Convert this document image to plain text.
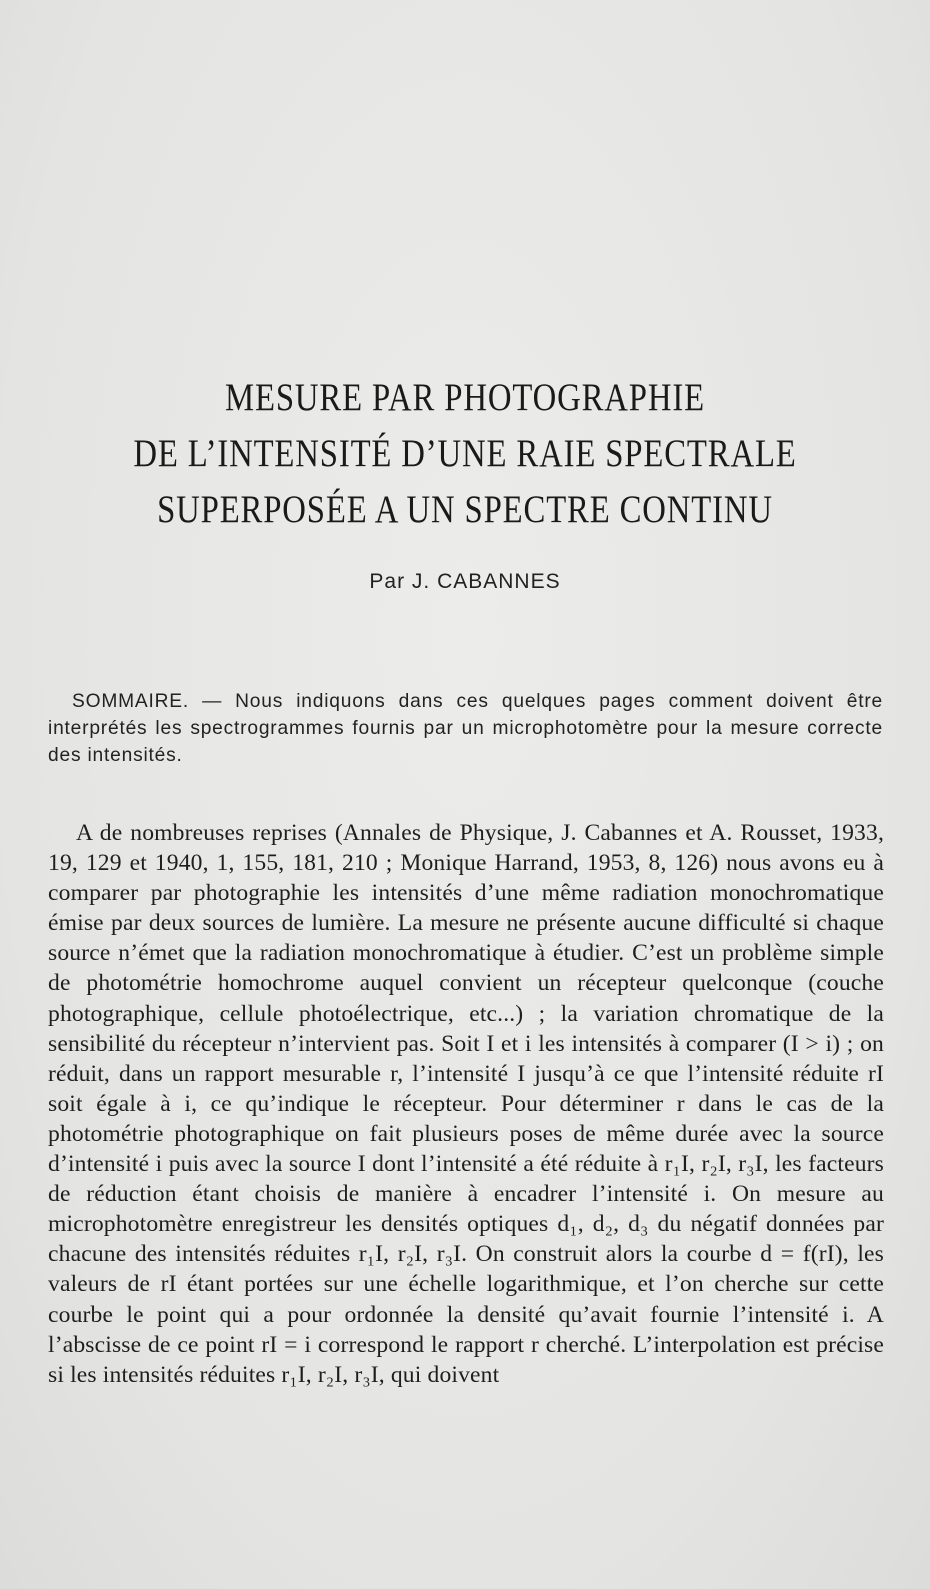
MESURE PAR PHOTOGRAPHIE
DE L’INTENSITÉ D’UNE RAIE SPECTRALE
SUPERPOSÉE A UN SPECTRE CONTINU
Par J. CABANNES

SOMMAIRE. — Nous indiquons dans ces quelques pages comment doivent être interprétés les spectrogrammes fournis par un microphotomètre pour la mesure correcte des intensités.

A de nombreuses reprises (Annales de Physique, J. Cabannes et A. Rousset, 1933, 19, 129 et 1940, 1, 155, 181, 210 ; Monique Harrand, 1953, 8, 126) nous avons eu à comparer par photographie les intensités d’une même radiation monochromatique émise par deux sources de lumière. La mesure ne présente aucune difficulté si chaque source n’émet que la radiation monochromatique à étudier. C’est un problème simple de photométrie homochrome auquel convient un récepteur quelconque (couche photographique, cellule photoélectrique, etc...) ; la variation chromatique de la sensibilité du récepteur n’intervient pas. Soit I et i les intensités à comparer (I > i) ; on réduit, dans un rapport mesurable r, l’intensité I jusqu’à ce que l’intensité réduite rI soit égale à i, ce qu’indique le récepteur. Pour déterminer r dans le cas de la photométrie photographique on fait plusieurs poses de même durée avec la source d’intensité i puis avec la source I dont l’intensité a été réduite à r₁I, r₂I, r₃I, les facteurs de réduction étant choisis de manière à encadrer l’intensité i. On mesure au microphotomètre enregistreur les densités optiques d₁, d₂, d₃ du négatif données par chacune des intensités réduites r₁I, r₂I, r₃I. On construit alors la courbe d = f(rI), les valeurs de rI étant portées sur une échelle logarithmique, et l’on cherche sur cette courbe le point qui a pour ordonnée la densité qu’avait fournie l’intensité i. A l’abscisse de ce point rI = i correspond le rapport r cherché. L’interpolation est précise si les intensités réduites r₁I, r₂I, r₃I, qui doivent
